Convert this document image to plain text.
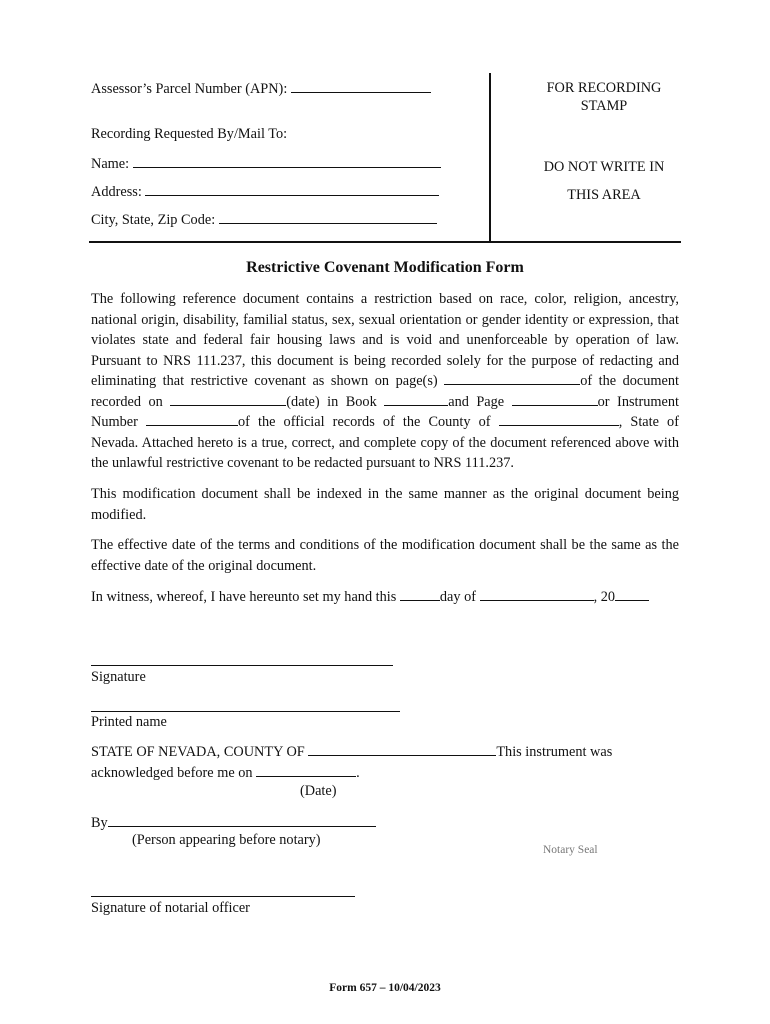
Assessor’s Parcel Number (APN):
Recording Requested By/Mail To:
Name:
Address:
City, State, Zip Code:
FOR RECORDING
STAMP
DO NOT WRITE IN
THIS AREA
Restrictive Covenant Modification Form
The following reference document contains a restriction based on race, color, religion, ancestry, national origin, disability, familial status, sex, sexual orientation or gender identity or expression, that violates state and federal fair housing laws and is void and unenforceable by operation of law. Pursuant to NRS 111.237, this document is being recorded solely for the purpose of redacting and eliminating that restrictive covenant as shown on page(s)	of the document recorded on	(date) in Book	and Page	or Instrument Number	of the official records of the County of	, State of Nevada. Attached hereto is a true, correct, and complete copy of the document referenced above with the unlawful restrictive covenant to be redacted pursuant to NRS 111.237.
This modification document shall be indexed in the same manner as the original document being modified.
The effective date of the terms and conditions of the modification document shall be the same as the effective date of the original document.
In witness, whereof, I have hereunto set my hand this	day of	, 20
Signature
Printed name
STATE OF NEVADA, COUNTY OF	This instrument was
acknowledged before me on	.
(Date)
By
(Person appearing before notary)
Notary Seal
Signature of notarial officer
Form 657 – 10/04/2023
